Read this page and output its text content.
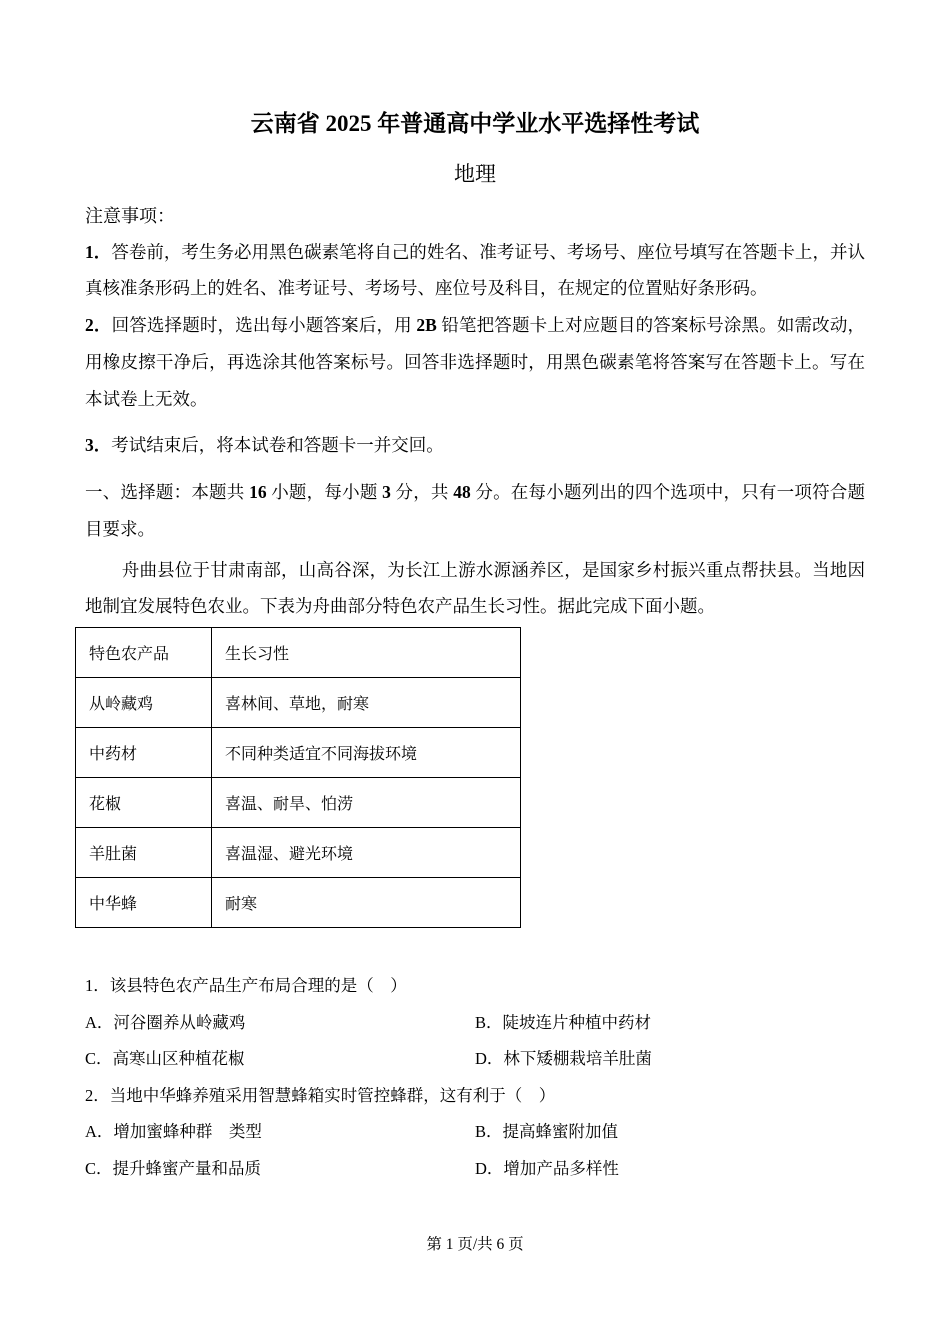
云南省 2025 年普通高中学业水平选择性考试
地理

注意事项：

1．答卷前，考生务必用黑色碳素笔将自己的姓名、准考证号、考场号、座位号填写在答题卡上，并认真核准条形码上的姓名、准考证号、考场号、座位号及科目，在规定的位置贴好条形码。

2．回答选择题时，选出每小题答案后，用 2B 铅笔把答题卡上对应题目的答案标号涂黑。如需改动，用橡皮擦干净后，再选涂其他答案标号。回答非选择题时，用黑色碳素笔将答案写在答题卡上。写在本试卷上无效。

3．考试结束后，将本试卷和答题卡一并交回。

一、选择题：本题共 16 小题，每小题 3 分，共 48 分。在每小题列出的四个选项中，只有一项符合题目要求。

舟曲县位于甘肃南部，山高谷深，为长江上游水源涵养区，是国家乡村振兴重点帮扶县。当地因地制宜发展特色农业。下表为舟曲部分特色农产品生长习性。据此完成下面小题。

特色农产品	生长习性
从岭藏鸡	喜林间、草地，耐寒
中药材	不同种类适宜不同海拔环境
花椒	喜温、耐旱、怕涝
羊肚菌	喜温湿、避光环境
中华蜂	耐寒

1．该县特色农产品生产布局合理的是（　）

A．河谷圈养从岭藏鸡	B．陡坡连片种植中药材
C．高寒山区种植花椒	D．林下矮棚栽培羊肚菌

2．当地中华蜂养殖采用智慧蜂箱实时管控蜂群，这有利于（　）

A．增加蜜蜂种群　类型	B．提高蜂蜜附加值
C．提升蜂蜜产量和品质	D．增加产品多样性
第 1 页/共 6 页
